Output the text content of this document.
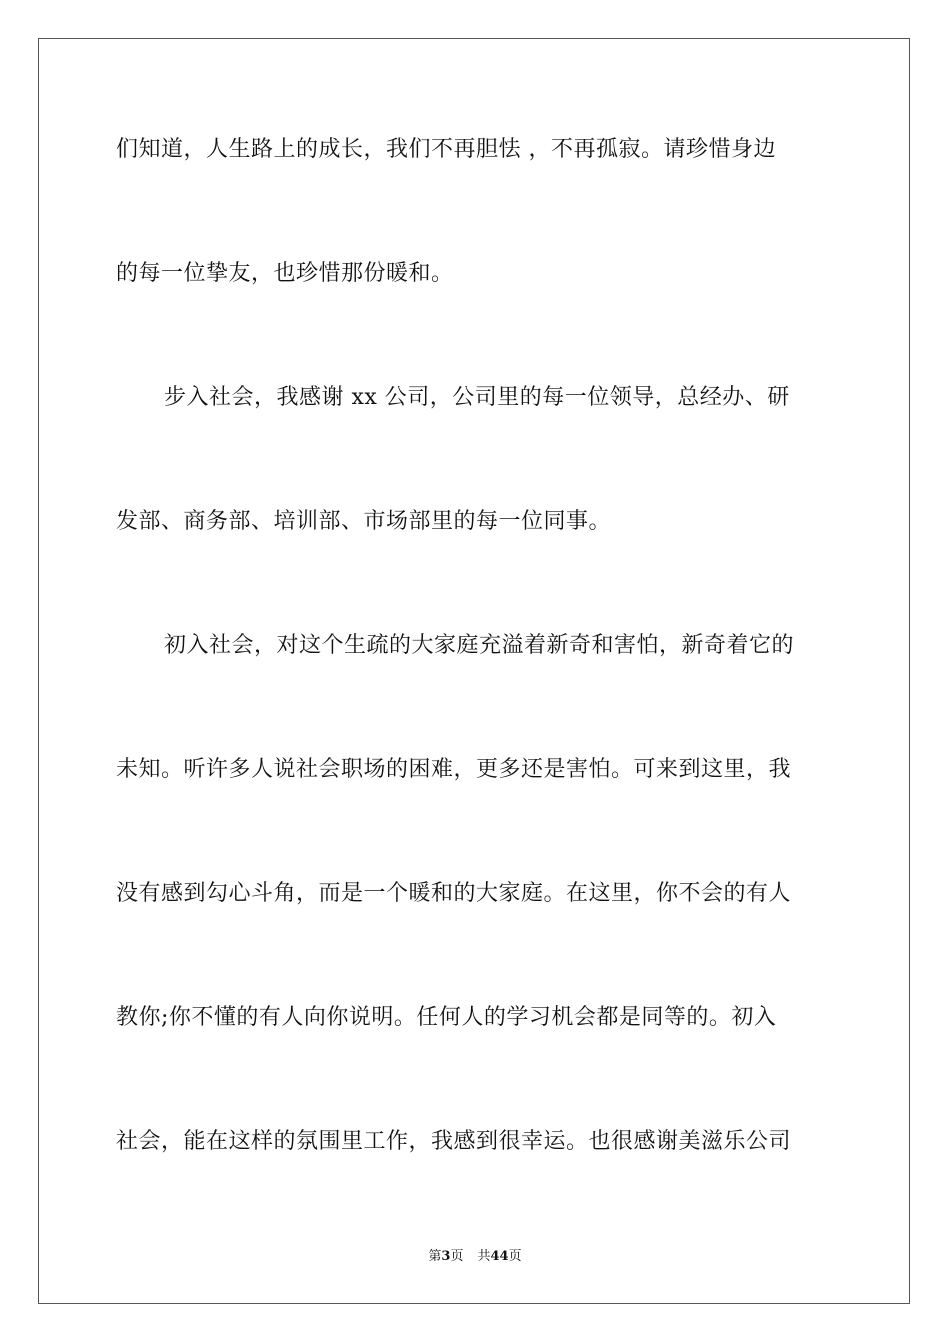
们知道，人生路上的成长，我们不再胆怯 ，不再孤寂。请珍惜身边
的每一位挚友，也珍惜那份暖和。
步入社会，我感谢 xx 公司，公司里的每一位领导，总经办、研
发部、商务部、培训部、市场部里的每一位同事。
初入社会，对这个生疏的大家庭充溢着新奇和害怕，新奇着它的
未知。听许多人说社会职场的困难，更多还是害怕。可来到这里，我
没有感到勾心斗角，而是一个暖和的大家庭。在这里，你不会的有人
教你;你不懂的有人向你说明。任何人的学习机会都是同等的。初入
社会，能在这样的氛围里工作，我感到很幸运。也很感谢美滋乐公司
第3页 共44页
